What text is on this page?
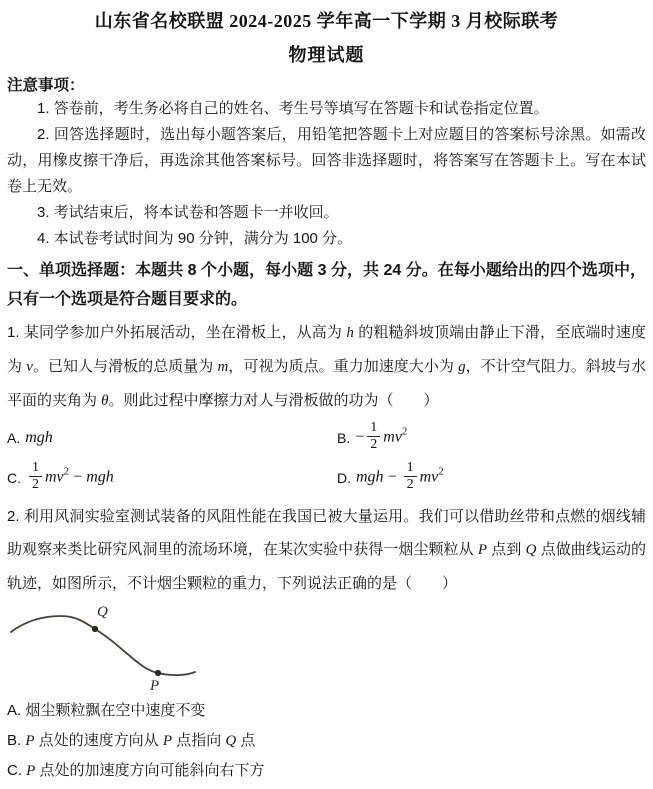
山东省名校联盟 2024-2025 学年高一下学期 3 月校际联考

物理试题

注意事项：

1. 答卷前，考生务必将自己的姓名、考生号等填写在答题卡和试卷指定位置。

2. 回答选择题时，选出每小题答案后，用铅笔把答题卡上对应题目的答案标号涂黑。如需改动，用橡皮擦干净后，再选涂其他答案标号。回答非选择题时，将答案写在答题卡上。写在本试卷上无效。

3. 考试结束后，将本试卷和答题卡一并收回。

4. 本试卷考试时间为 90 分钟，满分为 100 分。

一、单项选择题：本题共 8 个小题，每小题 3 分，共 24 分。在每小题给出的四个选项中，只有一个选项是符合题目要求的。

1. 某同学参加户外拓展活动，坐在滑板上，从高为 h 的粗糙斜坡顶端由静止下滑，至底端时速度为 v。已知人与滑板的总质量为 m，可视为质点。重力加速度大小为 g，不计空气阻力。斜坡与水平面的夹角为 θ。则此过程中摩擦力对人与滑板做的功为（　　）

A. mgh	B. − $\frac{1}{2} mv^2$
C. $\frac{1}{2} mv^2$ − mgh	D. mgh − $\frac{1}{2} mv^2$

2. 利用风洞实验室测试装备的风阻性能在我国已被大量运用。我们可以借助丝带和点燃的烟线辅助观察来类比研究风洞里的流场环境，在某次实验中获得一烟尘颗粒从 P 点到 Q 点做曲线运动的轨迹，如图所示，不计烟尘颗粒的重力，下列说法正确的是（　　）

Q
P

A. 烟尘颗粒飘在空中速度不变

B. P 点处的速度方向从 P 点指向 Q 点

C. P 点处的加速度方向可能斜向右下方
